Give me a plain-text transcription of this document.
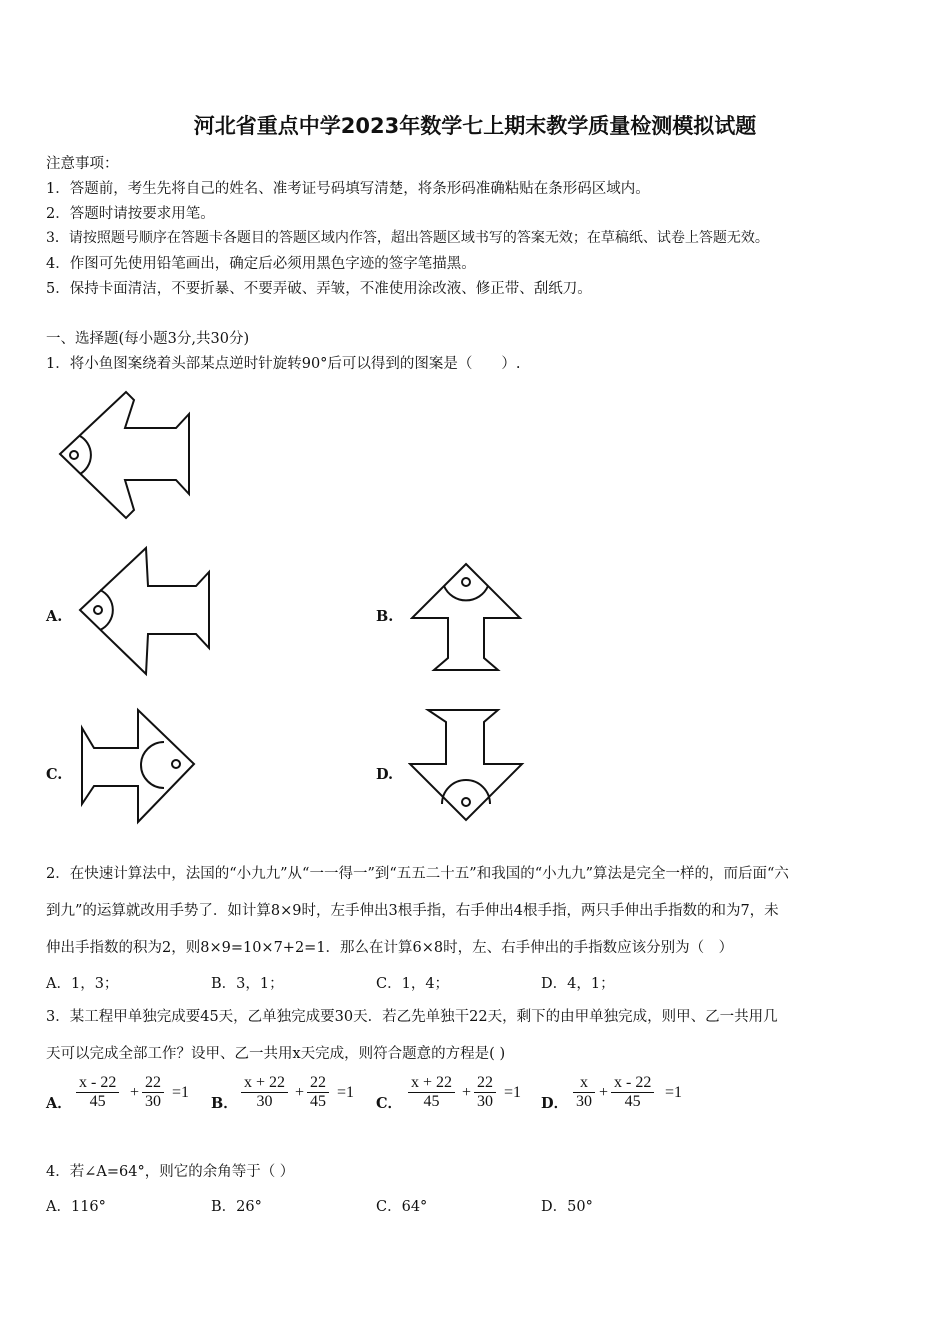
河北省重点中学2023年数学七上期末教学质量检测模拟试题
注意事项：
1．答题前，考生先将自己的姓名、准考证号码填写清楚，将条形码准确粘贴在条形码区域内。
2．答题时请按要求用笔。
3．请按照题号顺序在答题卡各题目的答题区域内作答，超出答题区域书写的答案无效；在草稿纸、试卷上答题无效。
4．作图可先使用铅笔画出，确定后必须用黑色字迹的签字笔描黑。
5．保持卡面清洁，不要折暴、不要弄破、弄皱，不准使用涂改液、修正带、刮纸刀。
一、选择题(每小题3分,共30分)
1．将小鱼图案绕着头部某点逆时针旋转90°后可以得到的图案是（　　）.
A.	B.
C.	D.
2．在快速计算法中，法国的“小九九”从“一一得一”到“五五二十五”和我国的“小九九”算法是完全一样的，而后面“六
到九”的运算就改用手势了．如计算8×9时，左手伸出3根手指，右手伸出4根手指，两只手伸出手指数的和为7，未
伸出手指数的积为2，则8×9=10×7+2=1．那么在计算6×8时，左、右手伸出的手指数应该分别为（　）
A．1，3；	B．3，1；	C．1，4；	D．4，1；
3．某工程甲单独完成要45天，乙单独完成要30天．若乙先单独干22天，剩下的由甲单独完成，则甲、乙一共用几
天可以完成全部工作？设甲、乙一共用x天完成，则符合题意的方程是( )
A． $\frac{x - 22}{45} + \frac{22}{30} =1$
B． $\frac{x + 22}{30} + \frac{22}{45} =1$
C． $\frac{x + 22}{45} + \frac{22}{30} =1$
D． $\frac{x}{30} + \frac{x - 22}{45} =1$
4．若∠A=64°，则它的余角等于（ ）
A．116°	B．26°	C．64°	D．50°
